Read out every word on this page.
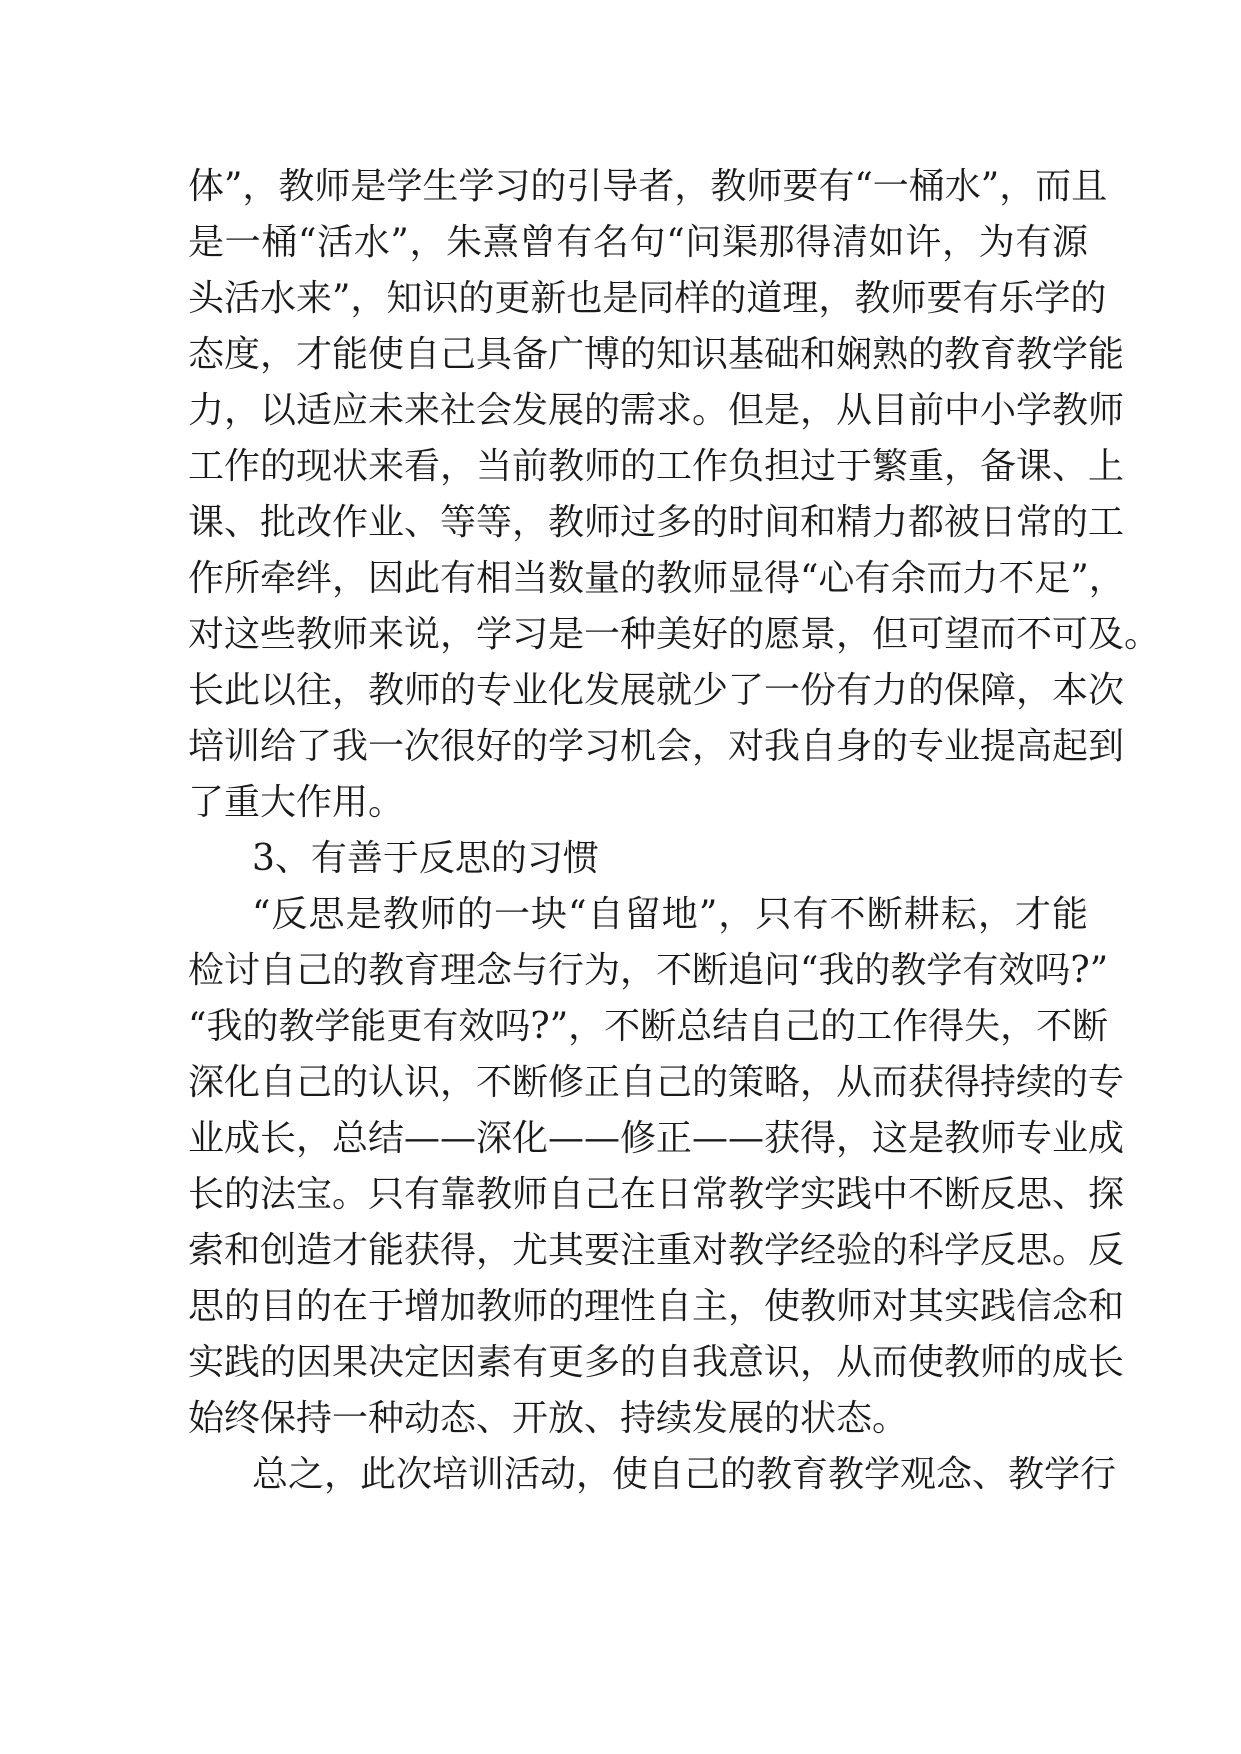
体”，教师是学生学习的引导者，教师要有“一桶水”，而且
是一桶“活水”，朱熹曾有名句“问渠那得清如许，为有源
头活水来”，知识的更新也是同样的道理，教师要有乐学的
态度，才能使自己具备广博的知识基础和娴熟的教育教学能
力，以适应未来社会发展的需求。但是，从目前中小学教师
工作的现状来看，当前教师的工作负担过于繁重，备课、上
课、批改作业、等等，教师过多的时间和精力都被日常的工
作所牵绊，因此有相当数量的教师显得“心有余而力不足”，
对这些教师来说，学习是一种美好的愿景，但可望而不可及。
长此以往，教师的专业化发展就少了一份有力的保障，本次
培训给了我一次很好的学习机会，对我自身的专业提高起到
了重大作用。
3、有善于反思的习惯
“反思是教师的一块“自留地”，只有不断耕耘，才能
检讨自己的教育理念与行为，不断追问“我的教学有效吗?”
“我的教学能更有效吗?”，不断总结自己的工作得失，不断
深化自己的认识，不断修正自己的策略，从而获得持续的专
业成长，总结——深化——修正——获得，这是教师专业成
长的法宝。只有靠教师自己在日常教学实践中不断反思、探
索和创造才能获得，尤其要注重对教学经验的科学反思。反
思的目的在于增加教师的理性自主，使教师对其实践信念和
实践的因果决定因素有更多的自我意识，从而使教师的成长
始终保持一种动态、开放、持续发展的状态。
总之，此次培训活动，使自己的教育教学观念、教学行
